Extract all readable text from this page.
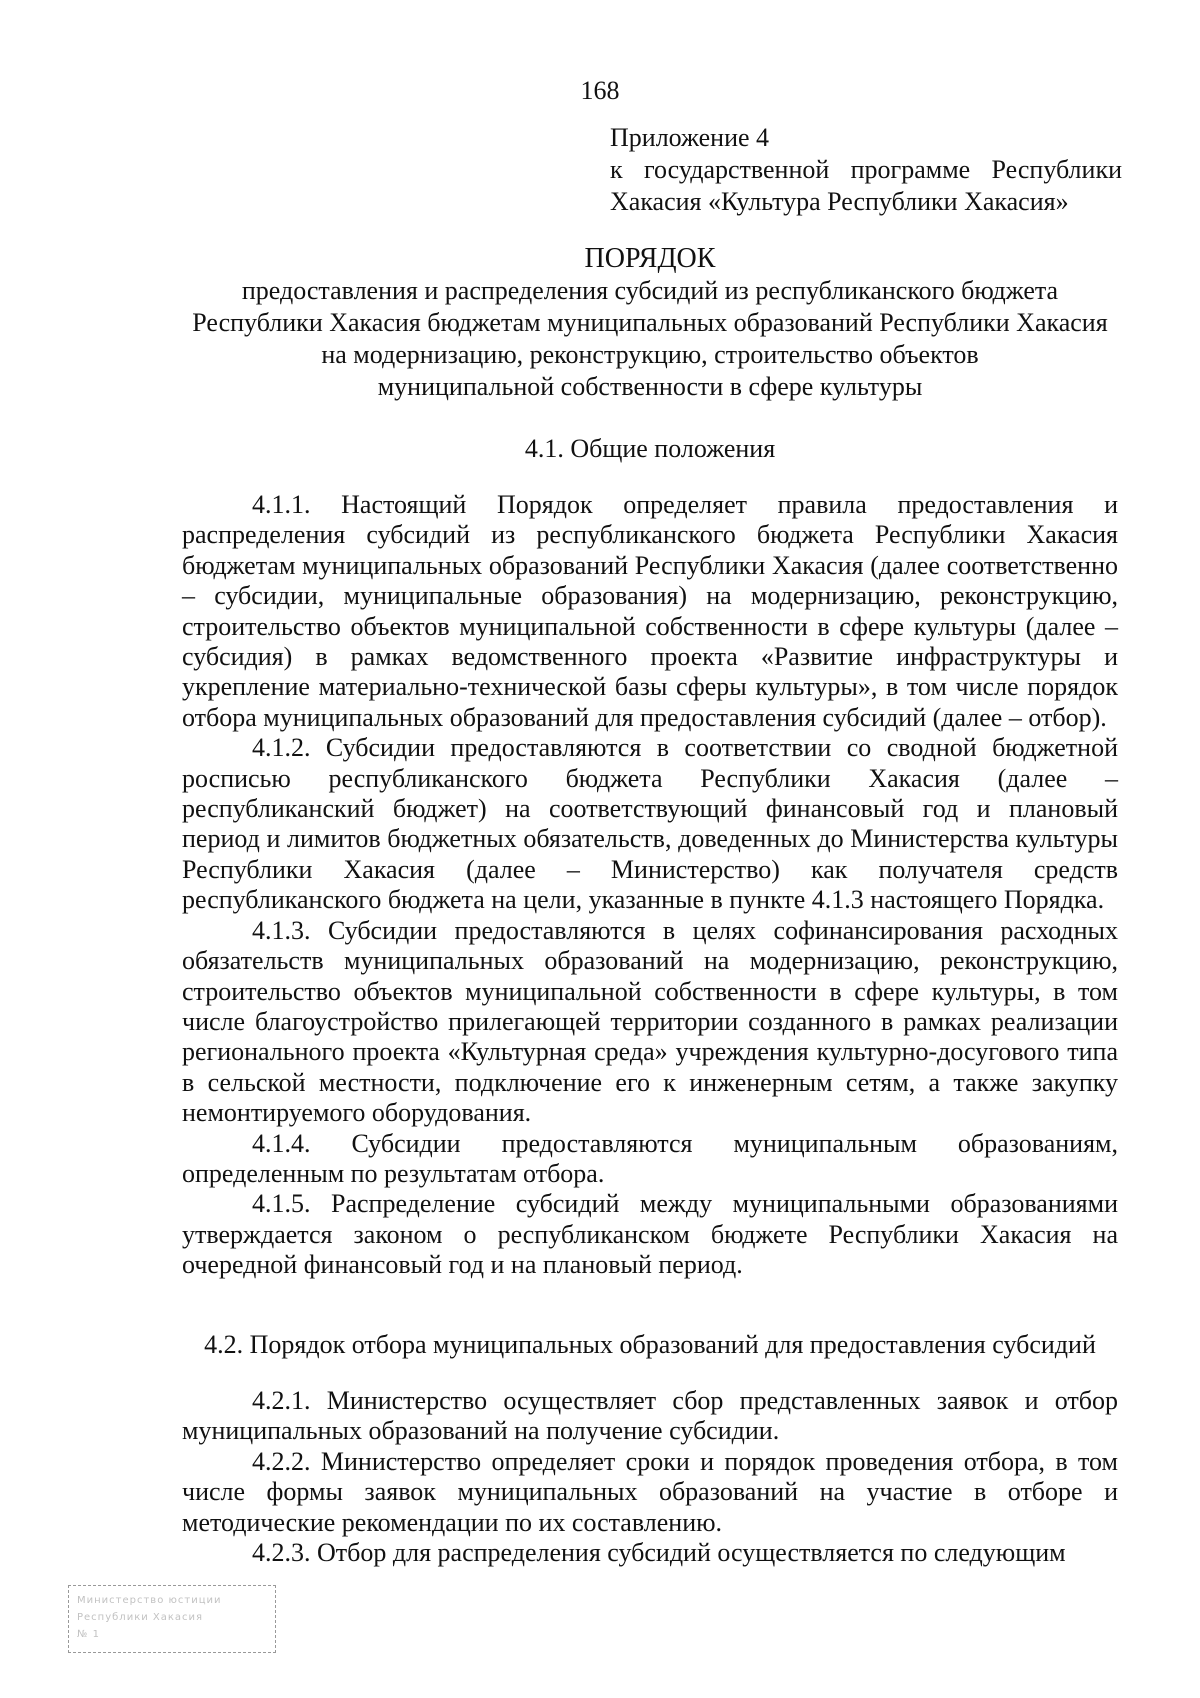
168
Приложение 4
к государственной программе Республики
Хакасия «Культура Республики Хакасия»
ПОРЯДОК
предоставления и распределения субсидий из республиканского бюджета
Республики Хакасия бюджетам муниципальных образований Республики Хакасия
на модернизацию, реконструкцию, строительство объектов
муниципальной собственности в сфере культуры
4.1. Общие положения

4.1.1. Настоящий Порядок определяет правила предоставления и распределения субсидий из республиканского бюджета Республики Хакасия бюджетам муниципальных образований Республики Хакасия (далее соответственно – субсидии, муниципальные образования) на модернизацию, реконструкцию, строительство объектов муниципальной собственности в сфере культуры (далее – субсидия) в рамках ведомственного проекта «Развитие инфраструктуры и укрепление материально-технической базы сферы культуры», в том числе порядок отбора муниципальных образований для предоставления субсидий (далее – отбор).

4.1.2. Субсидии предоставляются в соответствии со сводной бюджетной росписью республиканского бюджета Республики Хакасия (далее – республиканский бюджет) на соответствующий финансовый год и плановый период и лимитов бюджетных обязательств, доведенных до Министерства культуры Республики Хакасия (далее – Министерство) как получателя средств республиканского бюджета на цели, указанные в пункте 4.1.3 настоящего Порядка.

4.1.3. Субсидии предоставляются в целях софинансирования расходных обязательств муниципальных образований на модернизацию, реконструкцию, строительство объектов муниципальной собственности в сфере культуры, в том числе благоустройство прилегающей территории созданного в рамках реализации регионального проекта «Культурная среда» учреждения культурно-досугового типа в сельской местности, подключение его к инженерным сетям, а также закупку немонтируемого оборудования.

4.1.4. Субсидии предоставляются муниципальным образованиям, определенным по результатам отбора.

4.1.5. Распределение субсидий между муниципальными образованиями утверждается законом о республиканском бюджете Республики Хакасия на очередной финансовый год и на плановый период.

4.2. Порядок отбора муниципальных образований для предоставления субсидий

4.2.1. Министерство осуществляет сбор представленных заявок и отбор муниципальных образований на получение субсидии.

4.2.2. Министерство определяет сроки и порядок проведения отбора, в том числе формы заявок муниципальных образований на участие в отборе и методические рекомендации по их составлению.

4.2.3. Отбор для распределения субсидий осуществляется по следующим

Министерство юстиции
Республики Хакасия
№ 1
